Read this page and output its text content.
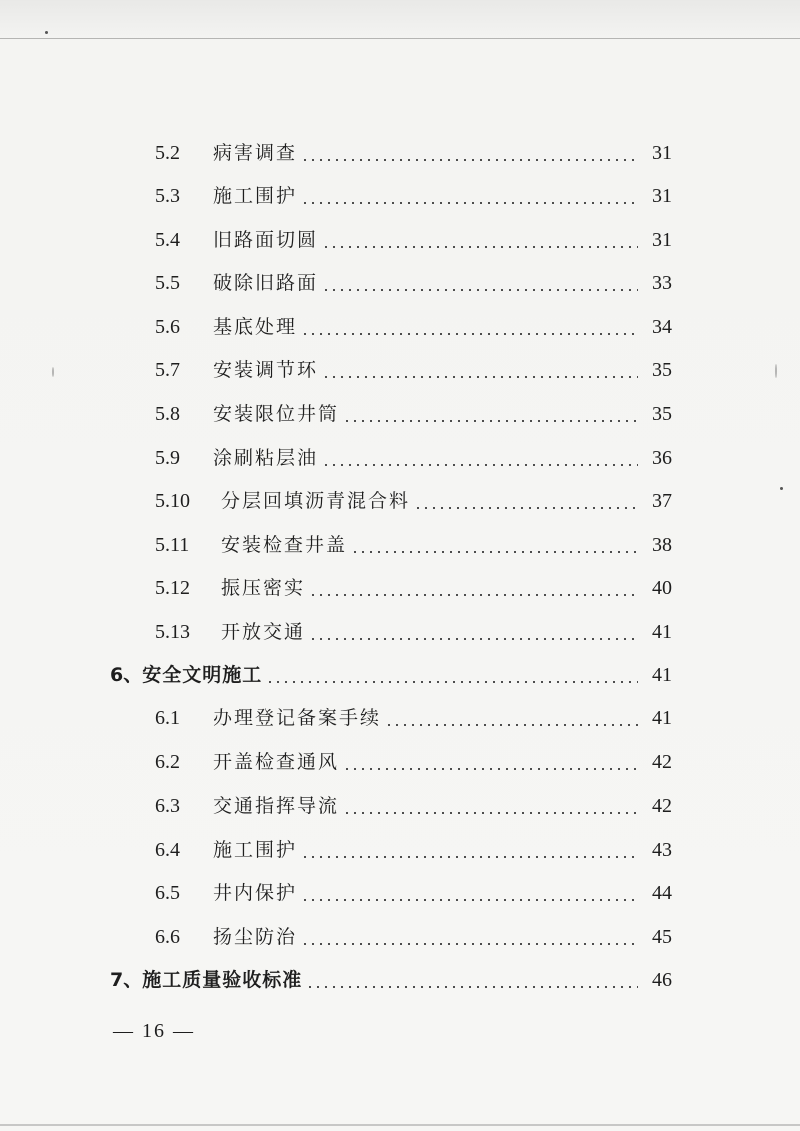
5.2	病害调查	31
5.3	施工围护	31
5.4	旧路面切圆	31
5.5	破除旧路面	33
5.6	基底处理	34
5.7	安装调节环	35
5.8	安装限位井筒	35
5.9	涂刷粘层油	36
5.10	分层回填沥青混合料	37
5.11	安装检查井盖	38
5.12	振压密实	40
5.13	开放交通	41
6、 安全文明施工	41
6.1	办理登记备案手续	41
6.2	开盖检查通风	42
6.3	交通指挥导流	42
6.4	施工围护	43
6.5	井内保护	44
6.6	扬尘防治	45
7、 施工质量验收标准	46
— 16 —
